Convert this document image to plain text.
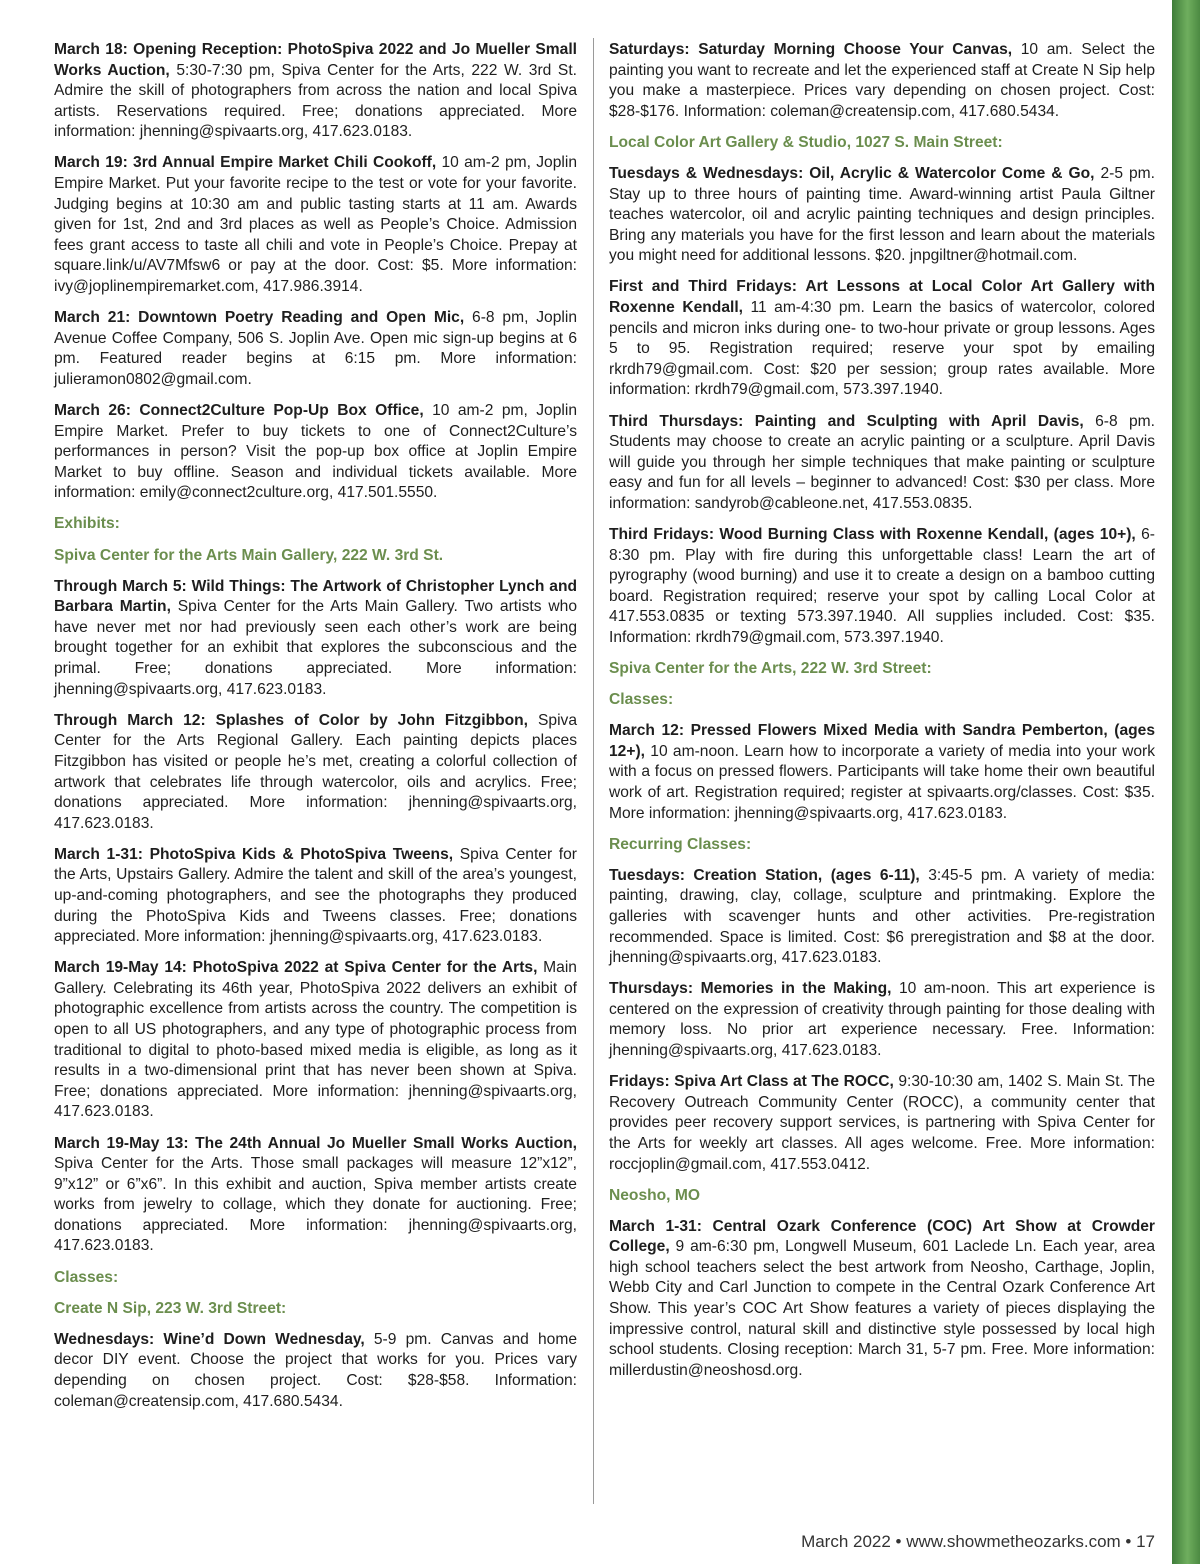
March 18: Opening Reception: PhotoSpiva 2022 and Jo Mueller Small Works Auction, 5:30-7:30 pm, Spiva Center for the Arts, 222 W. 3rd St. Admire the skill of photographers from across the nation and local Spiva artists. Reservations required. Free; donations appreciated. More information: jhenning@spivaarts.org, 417.623.0183.

March 19: 3rd Annual Empire Market Chili Cookoff, 10 am-2 pm, Joplin Empire Market. Put your favorite recipe to the test or vote for your favorite. Judging begins at 10:30 am and public tasting starts at 11 am. Awards given for 1st, 2nd and 3rd places as well as People’s Choice. Admission fees grant access to taste all chili and vote in People’s Choice. Prepay at square.link/u/AV7Mfsw6 or pay at the door. Cost: $5. More information: ivy@joplinempiremarket.com, 417.986.3914.

March 21: Downtown Poetry Reading and Open Mic, 6-8 pm, Joplin Avenue Coffee Company, 506 S. Joplin Ave. Open mic sign-up begins at 6 pm. Featured reader begins at 6:15 pm. More information: julieramon0802@gmail.com.

March 26: Connect2Culture Pop-Up Box Office, 10 am-2 pm, Joplin Empire Market. Prefer to buy tickets to one of Connect2Culture’s performances in person? Visit the pop-up box office at Joplin Empire Market to buy offline. Season and individual tickets available. More information: emily@connect2culture.org, 417.501.5550.

Exhibits:

Spiva Center for the Arts Main Gallery, 222 W. 3rd St.

Through March 5: Wild Things: The Artwork of Christopher Lynch and Barbara Martin, Spiva Center for the Arts Main Gallery. Two artists who have never met nor had previously seen each other’s work are being brought together for an exhibit that explores the subconscious and the primal. Free; donations appreciated. More information: jhenning@spivaarts.org, 417.623.0183.

Through March 12: Splashes of Color by John Fitzgibbon, Spiva Center for the Arts Regional Gallery. Each painting depicts places Fitzgibbon has visited or people he’s met, creating a colorful collection of artwork that celebrates life through watercolor, oils and acrylics. Free; donations appreciated. More information: jhenning@spivaarts.org, 417.623.0183.

March 1-31: PhotoSpiva Kids & PhotoSpiva Tweens, Spiva Center for the Arts, Upstairs Gallery. Admire the talent and skill of the area’s youngest, up-and-coming photographers, and see the photographs they produced during the PhotoSpiva Kids and Tweens classes. Free; donations appreciated. More information: jhenning@spivaarts.org, 417.623.0183.

March 19-May 14: PhotoSpiva 2022 at Spiva Center for the Arts, Main Gallery. Celebrating its 46th year, PhotoSpiva 2022 delivers an exhibit of photographic excellence from artists across the country. The competition is open to all US photographers, and any type of photographic process from traditional to digital to photo-based mixed media is eligible, as long as it results in a two-dimensional print that has never been shown at Spiva. Free; donations appreciated. More information: jhenning@spivaarts.org, 417.623.0183.

March 19-May 13: The 24th Annual Jo Mueller Small Works Auction, Spiva Center for the Arts. Those small packages will measure 12”x12”, 9”x12” or 6”x6”. In this exhibit and auction, Spiva member artists create works from jewelry to collage, which they donate for auctioning. Free; donations appreciated. More information: jhenning@spivaarts.org, 417.623.0183.

Classes:

Create N Sip, 223 W. 3rd Street:

Wednesdays: Wine’d Down Wednesday, 5-9 pm. Canvas and home decor DIY event. Choose the project that works for you. Prices vary depending on chosen project. Cost: $28-$58. Information: coleman@creatensip.com, 417.680.5434.

Saturdays: Saturday Morning Choose Your Canvas, 10 am. Select the painting you want to recreate and let the experienced staff at Create N Sip help you make a masterpiece. Prices vary depending on chosen project. Cost: $28-$176. Information: coleman@creatensip.com, 417.680.5434.

Local Color Art Gallery & Studio, 1027 S. Main Street:

Tuesdays & Wednesdays: Oil, Acrylic & Watercolor Come & Go, 2-5 pm. Stay up to three hours of painting time. Award-winning artist Paula Giltner teaches watercolor, oil and acrylic painting techniques and design principles. Bring any materials you have for the first lesson and learn about the materials you might need for additional lessons. $20. jnpgiltner@hotmail.com.

First and Third Fridays: Art Lessons at Local Color Art Gallery with Roxenne Kendall, 11 am-4:30 pm. Learn the basics of watercolor, colored pencils and micron inks during one- to two-hour private or group lessons. Ages 5 to 95. Registration required; reserve your spot by emailing rkrdh79@gmail.com. Cost: $20 per session; group rates available. More information: rkrdh79@gmail.com, 573.397.1940.

Third Thursdays: Painting and Sculpting with April Davis, 6-8 pm. Students may choose to create an acrylic painting or a sculpture. April Davis will guide you through her simple techniques that make painting or sculpture easy and fun for all levels – beginner to advanced! Cost: $30 per class. More information: sandyrob@cableone.net, 417.553.0835.

Third Fridays: Wood Burning Class with Roxenne Kendall, (ages 10+), 6-8:30 pm. Play with fire during this unforgettable class! Learn the art of pyrography (wood burning) and use it to create a design on a bamboo cutting board. Registration required; reserve your spot by calling Local Color at 417.553.0835 or texting 573.397.1940. All supplies included. Cost: $35. Information: rkrdh79@gmail.com, 573.397.1940.

Spiva Center for the Arts, 222 W. 3rd Street:

Classes:

March 12: Pressed Flowers Mixed Media with Sandra Pemberton, (ages 12+), 10 am-noon. Learn how to incorporate a variety of media into your work with a focus on pressed flowers. Participants will take home their own beautiful work of art. Registration required; register at spivaarts.org/classes. Cost: $35. More information: jhenning@spivaarts.org, 417.623.0183.

Recurring Classes:

Tuesdays: Creation Station, (ages 6-11), 3:45-5 pm. A variety of media: painting, drawing, clay, collage, sculpture and printmaking. Explore the galleries with scavenger hunts and other activities. Pre-registration recommended. Space is limited. Cost: $6 preregistration and $8 at the door. jhenning@spivaarts.org, 417.623.0183.

Thursdays: Memories in the Making, 10 am-noon. This art experience is centered on the expression of creativity through painting for those dealing with memory loss. No prior art experience necessary. Free. Information: jhenning@spivaarts.org, 417.623.0183.

Fridays: Spiva Art Class at The ROCC, 9:30-10:30 am, 1402 S. Main St. The Recovery Outreach Community Center (ROCC), a community center that provides peer recovery support services, is partnering with Spiva Center for the Arts for weekly art classes. All ages welcome. Free. More information: roccjoplin@gmail.com, 417.553.0412.

Neosho, MO

March 1-31: Central Ozark Conference (COC) Art Show at Crowder College, 9 am-6:30 pm, Longwell Museum, 601 Laclede Ln. Each year, area high school teachers select the best artwork from Neosho, Carthage, Joplin, Webb City and Carl Junction to compete in the Central Ozark Conference Art Show. This year’s COC Art Show features a variety of pieces displaying the impressive control, natural skill and distinctive style possessed by local high school students. Closing reception: March 31, 5-7 pm. Free. More information: millerdustin@neoshosd.org.

March 2022 • www.showmetheozarks.com • 17
